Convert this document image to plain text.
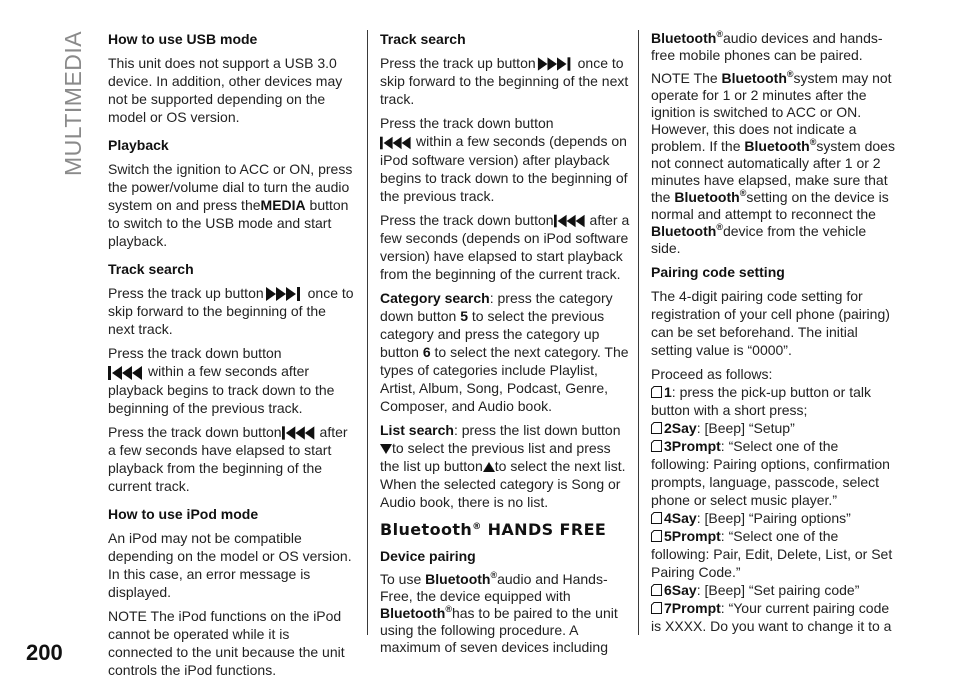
MULTIMEDIA How to use USB mode

This unit does not support a USB 3.0 device. In addition, other devices may not be supported depending on the model or OS version.

Playback

Switch the ignition to ACC or ON, press the power/volume dial to turn the audio system on and press theMEDIA button to switch to the USB mode and start playback.

Track search

Press the track up button	once to skip forward to the beginning of the next track.

Press the track down button
within a few seconds after playback begins to track down to the beginning of the previous track.

Press the track down button	after a few seconds have elapsed to start playback from the beginning of the current track.

How to use iPod mode

An iPod may not be compatible depending on the model or OS version. In this case, an error message is displayed.

NOTE The iPod functions on the iPod cannot be operated while it is connected to the unit because the unit controls the iPod functions.

Track search

Press the track up button	once to skip forward to the beginning of the next track.

Press the track down button
within a few seconds (depends on iPod software version) after playback begins to track down to the beginning of the previous track.

Press the track down button	after a few seconds (depends on iPod software version) have elapsed to start playback from the beginning of the current track.

Category search: press the category down button 5 to select the previous category and press the category up button 6 to select the next category. The types of categories include Playlist, Artist, Album, Song, Podcast, Genre, Composer, and Audio book.

List search: press the list down button
to select the previous list and press the list up button to select the next list. When the selected category is Song or Audio book, there is no list.

Bluetooth® HANDS FREE
Device pairing

To use Bluetooth®audio and Hands-Free, the device equipped with Bluetooth®has to be paired to the unit using the following procedure. A maximum of seven devices including

Bluetooth®audio devices and hands-free mobile phones can be paired.

NOTE The Bluetooth®system may not operate for 1 or 2 minutes after the ignition is switched to ACC or ON. However, this does not indicate a problem. If the Bluetooth®system does not connect automatically after 1 or 2 minutes have elapsed, make sure that the Bluetooth®setting on the device is normal and attempt to reconnect the Bluetooth®device from the vehicle side.

Pairing code setting

The 4-digit pairing code setting for registration of your cell phone (pairing) can be set beforehand. The initial setting value is “0000”.

Proceed as follows:

1: press the pick-up button or talk button with a short press;

2Say: [Beep] “Setup”

3Prompt: “Select one of the following: Pairing options, confirmation prompts, language, passcode, select phone or select music player.”

4Say: [Beep] “Pairing options”

5Prompt: “Select one of the following: Pair, Edit, Delete, List, or Set Pairing Code.”

6Say: [Beep] “Set pairing code”

7Prompt: “Your current pairing code is XXXX. Do you want to change it to a

200
